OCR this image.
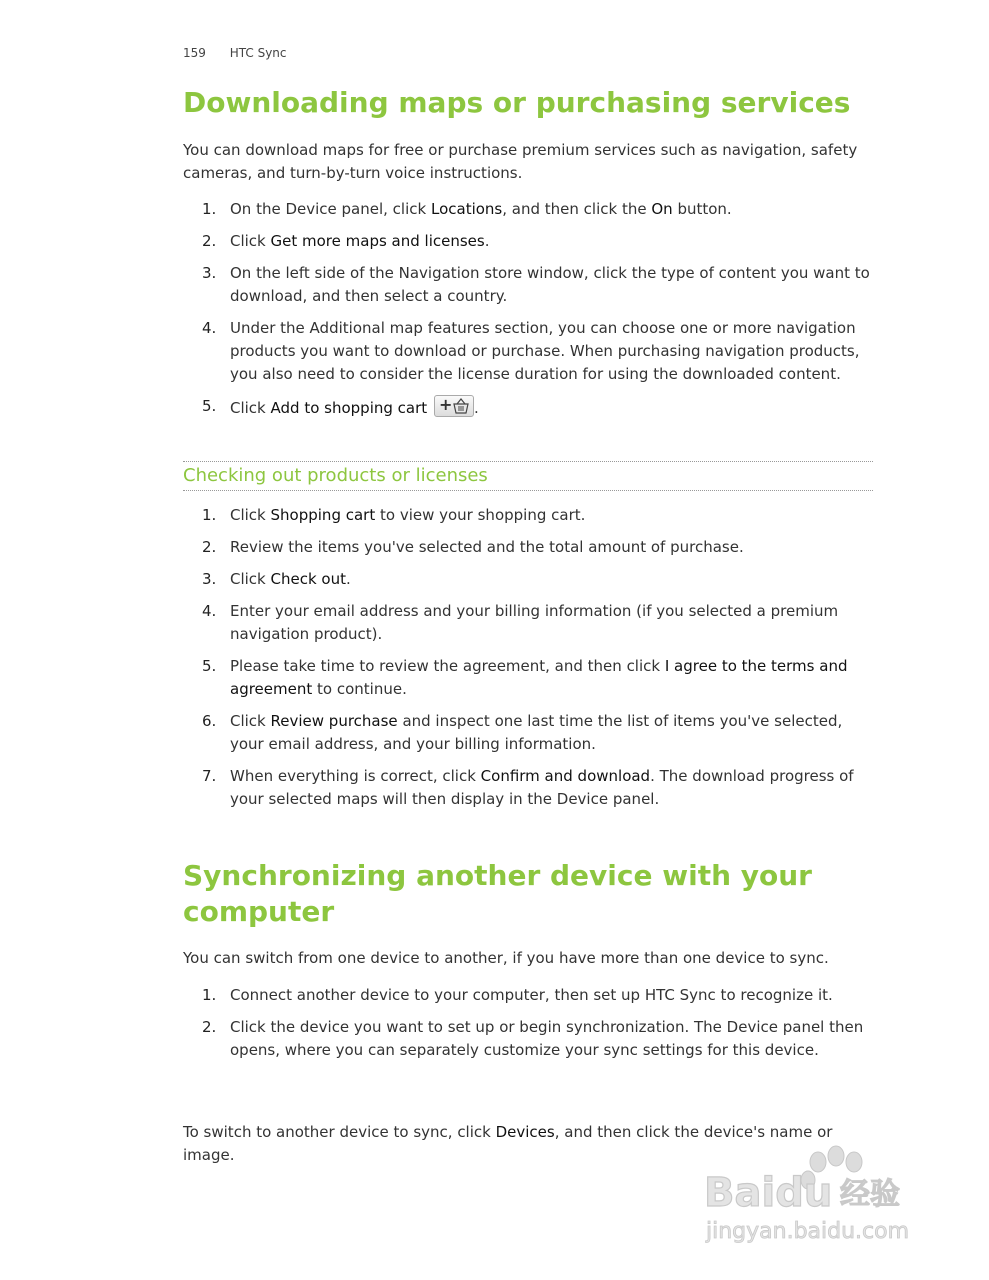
159 HTC Sync
Downloading maps or purchasing services

You can download maps for free or purchase premium services such as navigation, safety cameras, and turn-by-turn voice instructions.

1. On the Device panel, click Locations, and then click the On button.
2. Click Get more maps and licenses.
3. On the left side of the Navigation store window, click the type of content you want to download, and then select a country.
4. Under the Additional map features section, you can choose one or more navigation products you want to download or purchase. When purchasing navigation products, you also need to consider the license duration for using the downloaded content.
5. Click Add to shopping cart + .
Checking out products or licenses
1. Click Shopping cart to view your shopping cart.
2. Review the items you've selected and the total amount of purchase.
3. Click Check out.
4. Enter your email address and your billing information (if you selected a premium navigation product).
5. Please take time to review the agreement, and then click I agree to the terms and agreement to continue.
6. Click Review purchase and inspect one last time the list of items you've selected, your email address, and your billing information.
7. When everything is correct, click Confirm and download. The download progress of your selected maps will then display in the Device panel.
Synchronizing another device with your
computer

You can switch from one device to another, if you have more than one device to sync.

1. Connect another device to your computer, then set up HTC Sync to recognize it.
2. Click the device you want to set up or begin synchronization. The Device panel then opens, where you can separately customize your sync settings for this device.

To switch to another device to sync, click Devices, and then click the device's name or image.

Baidu 经验
jingyan.baidu.com
